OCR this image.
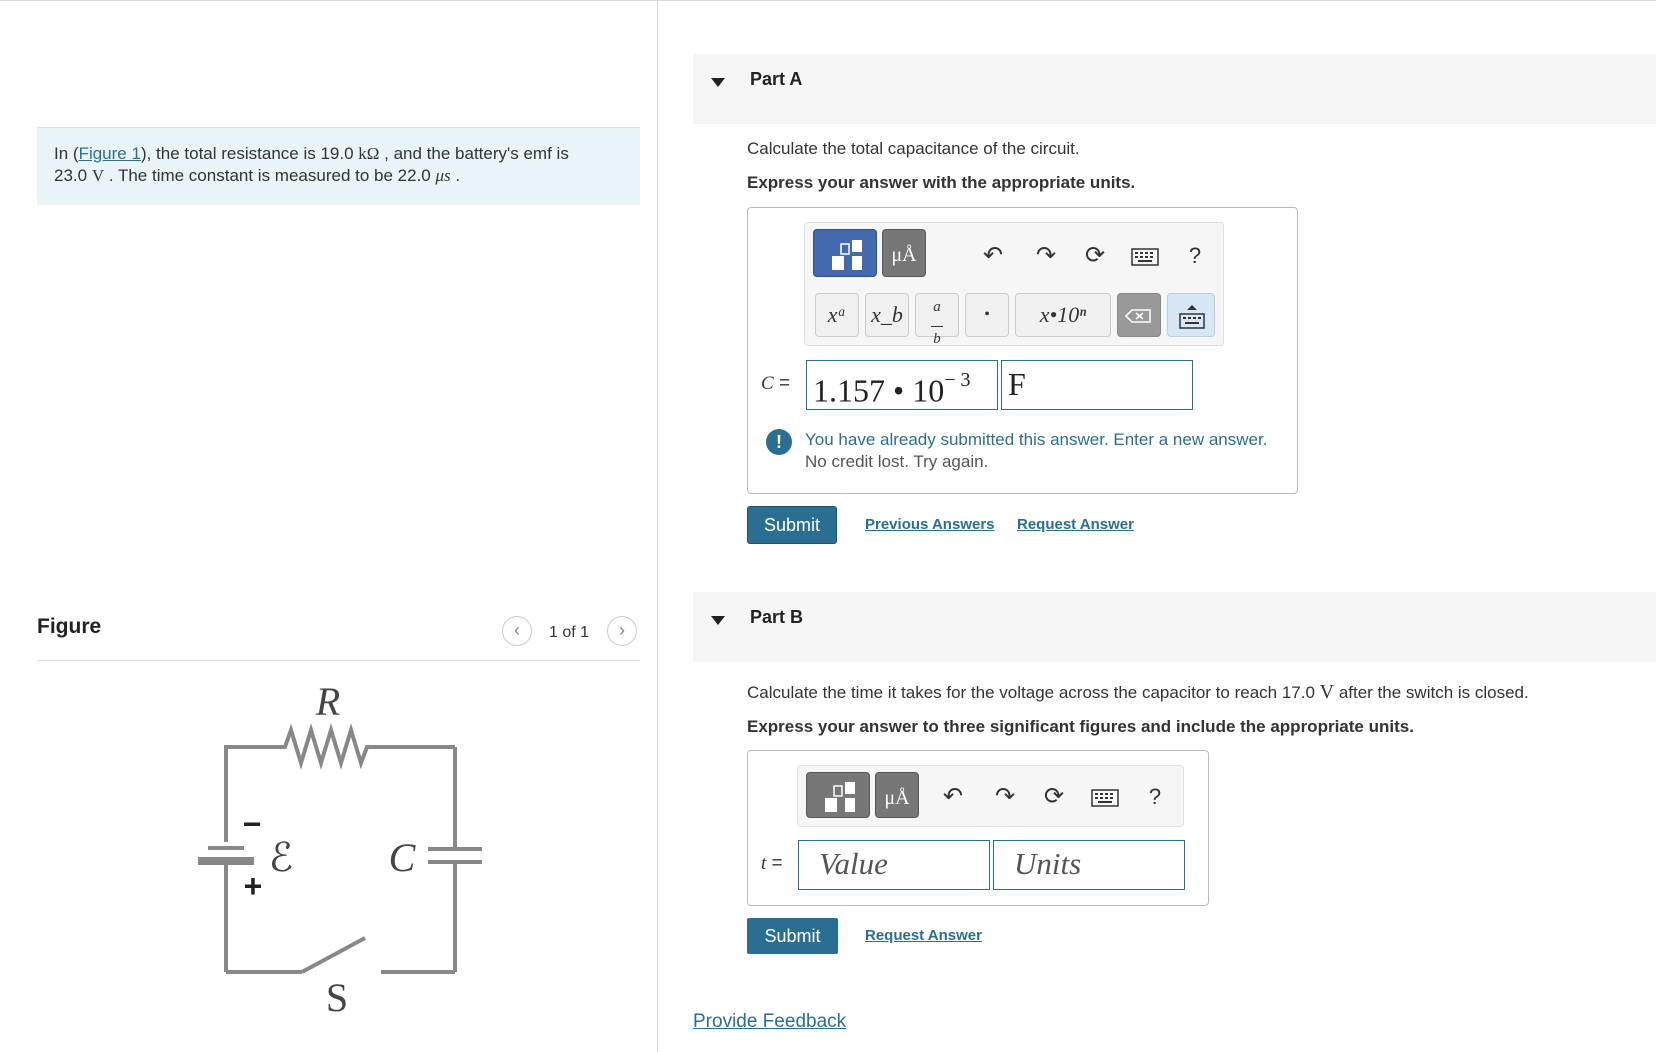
In (Figure 1), the total resistance is 19.0 kΩ , and the battery's emf is
23.0 V . The time constant is measured to be 22.0 μs .
Figure	‹	1 of 1	›
R
ℰ C
S
−
+
Part A
Calculate the total capacitance of the circuit.
Express your answer with the appropriate units.
μÅ	↶ ↷ ⟳	?
xᵃ	x_b	a

b
•	x•10ⁿ
C = 1.157 • $10^{- 3}$	F
!	You have already submitted this answer. Enter a new answer.
No credit lost. Try again.
Submit	Previous Answers Request Answer
Part B
Calculate the time it takes for the voltage across the capacitor to reach 17.0 V after the switch is closed.
Express your answer to three significant figures and include the appropriate units.
μÅ	↶ ↷ ⟳	?
t =	Value	Units
Submit	Request Answer
Provide Feedback
